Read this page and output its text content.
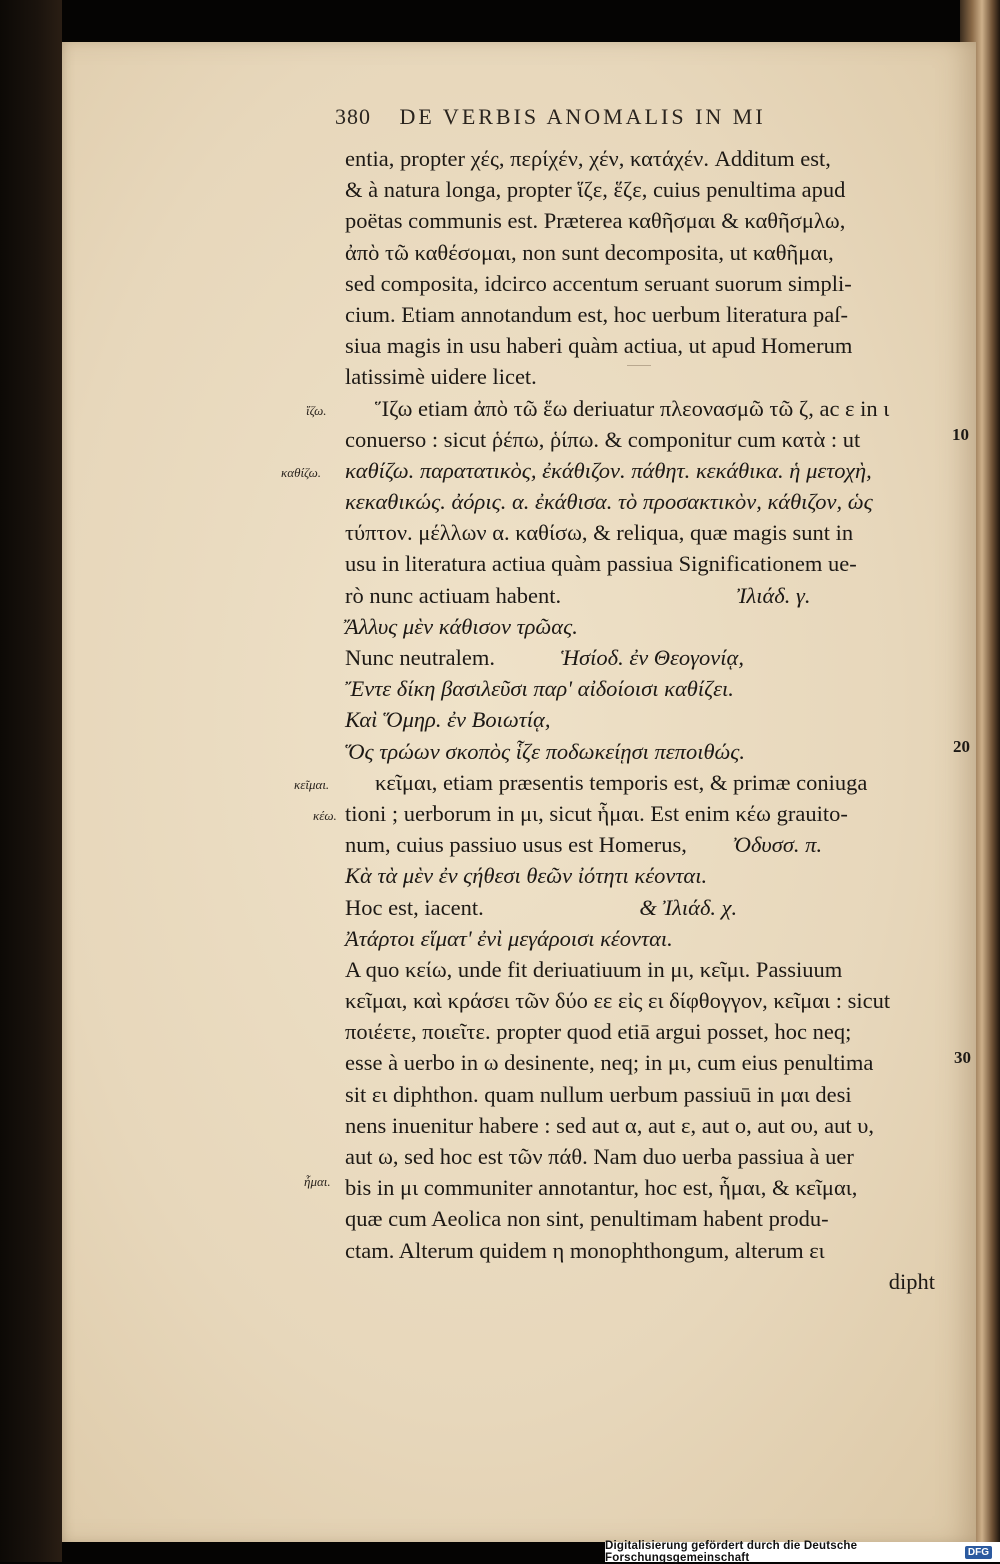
380 DE VERBIS ANOMALIS IN MI
entia, propter χές, περίχέν, χέν, κατάχέν. Additum est,
& à natura longa, propter ἵζε, ἕζε, cuius penultima apud
poëtas communis est. Præterea καθῆσμαι & καθῆσμλω,
ἀπὸ τῶ καθέσομαι, non sunt decomposita, ut καθῆμαι,
sed composita, idcirco accentum seruant suorum simpli-
cium. Etiam annotandum est, hoc uerbum literatura paſ-
siua magis in usu haberi quàm actiua, ut apud Homerum
latissimè uidere licet.
Ἵζω etiam ἀπὸ τῶ ἕω deriuatur πλεονασμῶ τῶ ζ, ac ε in ι
conuerso : sicut ῥέπω, ῥίπω. & componitur cum κατὰ : ut
καθίζω. παρατατικὸς, ἐκάθιζον. πάθητ. κεκάθικα. ἡ μετοχὴ,
κεκαθικώς. ἀόρις. α. ἐκάθισα. τὸ προσακτικὸν, κάθιζον, ὡς
τύπτον. μέλλων α. καθίσω, & reliqua, quæ magis sunt in
usu in literatura actiua quàm passiua Significationem ue-
rò nunc actiuam habent.	Ἰλιάδ. γ.
Ἄλλυς μὲν κάθισον τρῶας.
Nunc neutralem.	Ἡσίοδ. ἐν Θεογονίᾳ,
Ἔντε δίκη βασιλεῦσι παρ' αἰδοίοισι καθίζει.
Καὶ Ὅμηρ. ἐν Βοιωτίᾳ,
Ὅς τρώων σκοπὸς ἷζε ποδωκείῃσι πεποιθώς.
κεῖμαι, etiam præsentis temporis est, & primæ coniuga
tioni ; uerborum in μι, sicut ἧμαι. Est enim κέω grauito-
num, cuius passiuo usus est Homerus, Ὀδυσσ. π.
Κὰ τὰ μὲν ἐν ςήθεσι θεῶν ἰότητι κέονται.
Hoc est, iacent.	& Ἰλιάδ. χ.
Ἀτάρτοι εἵματ' ἐνὶ μεγάροισι κέονται.
A quo κείω, unde fit deriuatiuum in μι, κεῖμι. Passiuum
κεῖμαι, καὶ κράσει τῶν δύο εε εἰς ει δίφθογγον, κεῖμαι : sicut
ποιέετε, ποιεῖτε. propter quod etiā argui posset, hoc neq;
esse à uerbo in ω desinente, neq; in μι, cum eius penultima
sit ει diphthon. quam nullum uerbum passiuū in μαι desi
nens inuenitur habere : sed aut α, aut ε, aut ο, aut ου, aut υ,
aut ω, sed hoc est τῶν πάθ. Nam duo uerba passiua à uer
bis in μι communiter annotantur, hoc est, ἧμαι, & κεῖμαι,
quæ cum Aeolica non sint, penultimam habent produ-
ctam. Alterum quidem η monophthongum, alterum ει
dipht
ἵζω.
καθίζω.
κεῖμαι.
κέω.
ἧμαι.
10
20
30
Digitalisierung gefördert durch die Deutsche Forschungsgemeinschaft	DFG
